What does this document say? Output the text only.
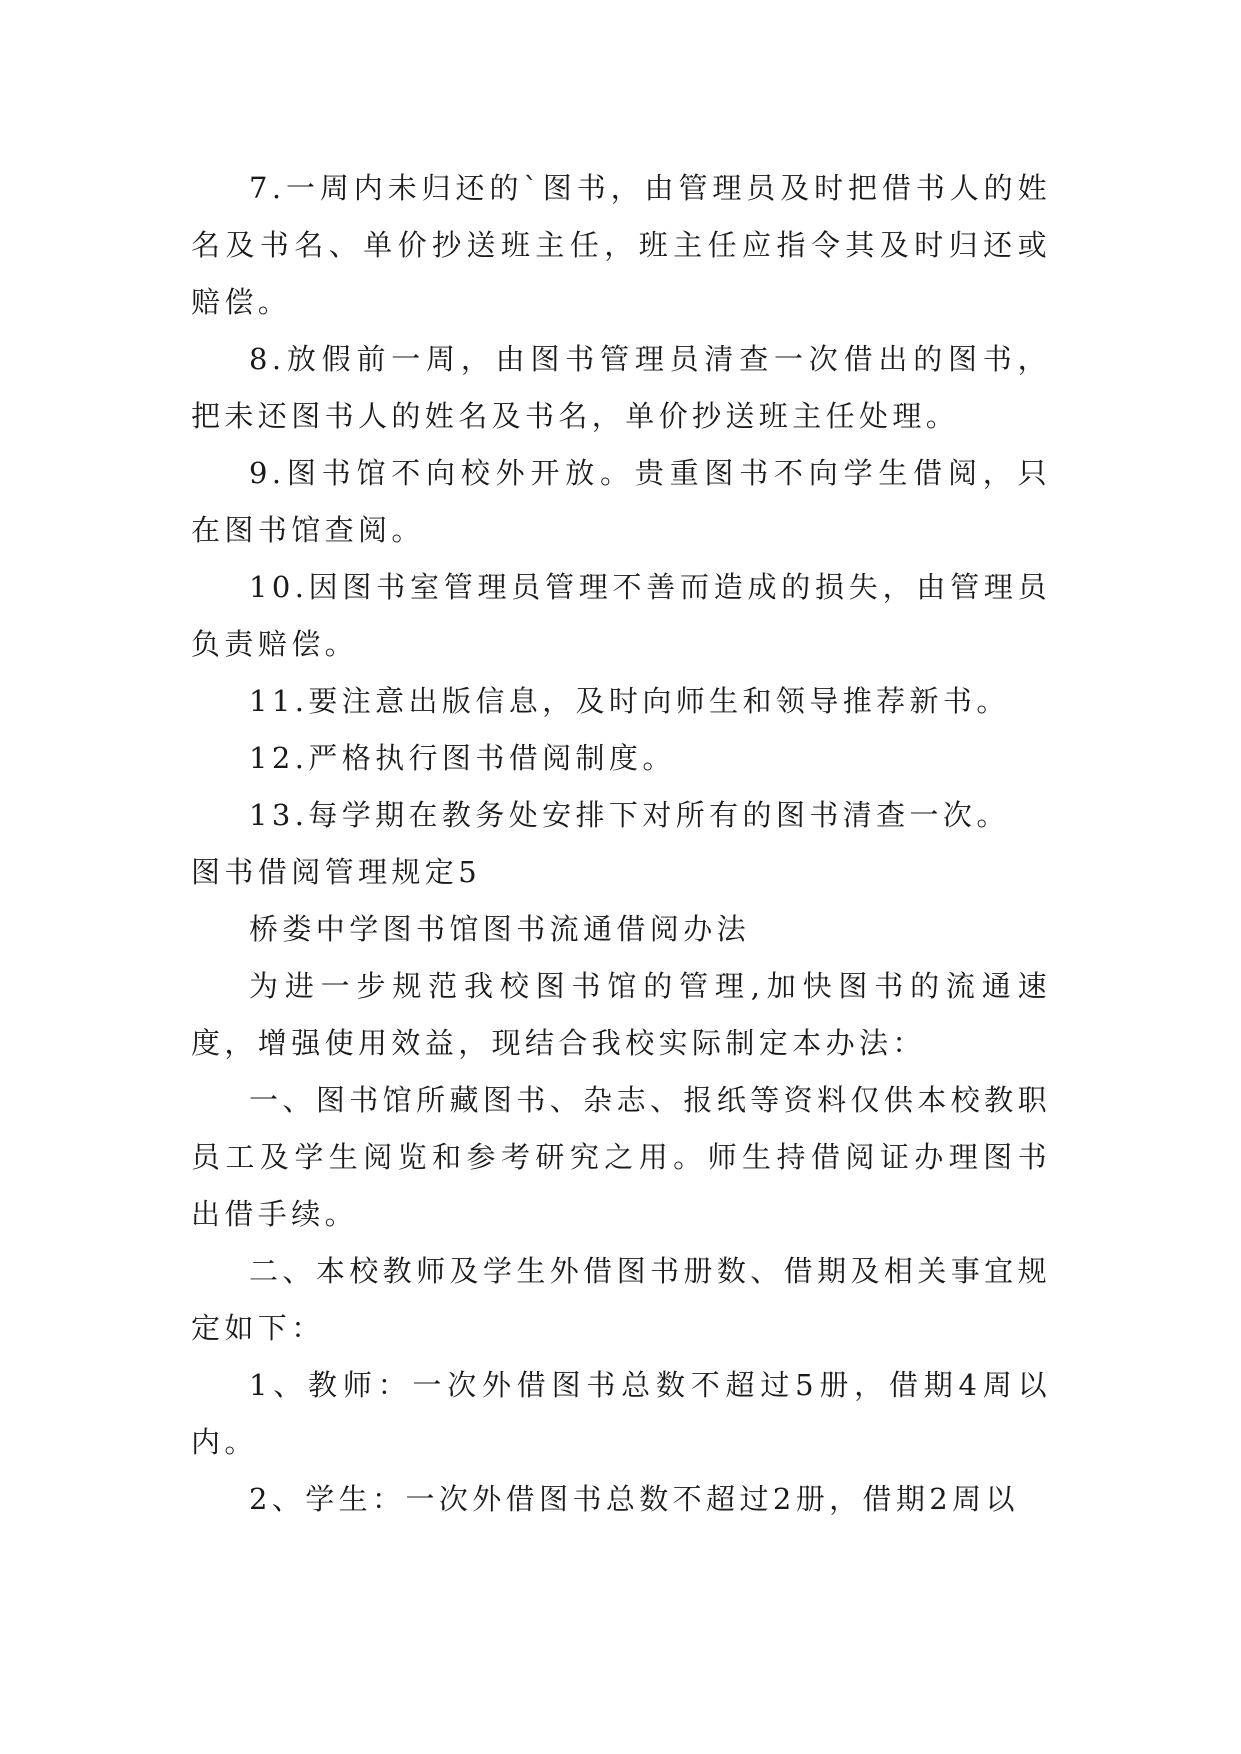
7.一周内未归还的`图书，由管理员及时把借书人的姓名及书名、单价抄送班主任，班主任应指令其及时归还或赔偿。

8.放假前一周，由图书管理员清查一次借出的图书，把未还图书人的姓名及书名，单价抄送班主任处理。

9.图书馆不向校外开放。贵重图书不向学生借阅，只在图书馆查阅。

10.因图书室管理员管理不善而造成的损失，由管理员负责赔偿。

11.要注意出版信息，及时向师生和领导推荐新书。

12.严格执行图书借阅制度。

13.每学期在教务处安排下对所有的图书清查一次。

图书借阅管理规定5

桥娄中学图书馆图书流通借阅办法

为进一步规范我校图书馆的管理,加快图书的流通速度，增强使用效益，现结合我校实际制定本办法：

一、图书馆所藏图书、杂志、报纸等资料仅供本校教职员工及学生阅览和参考研究之用。师生持借阅证办理图书出借手续。

二、本校教师及学生外借图书册数、借期及相关事宜规定如下：

1、教师：一次外借图书总数不超过5册，借期4周以内。

2、学生：一次外借图书总数不超过2册，借期2周以
